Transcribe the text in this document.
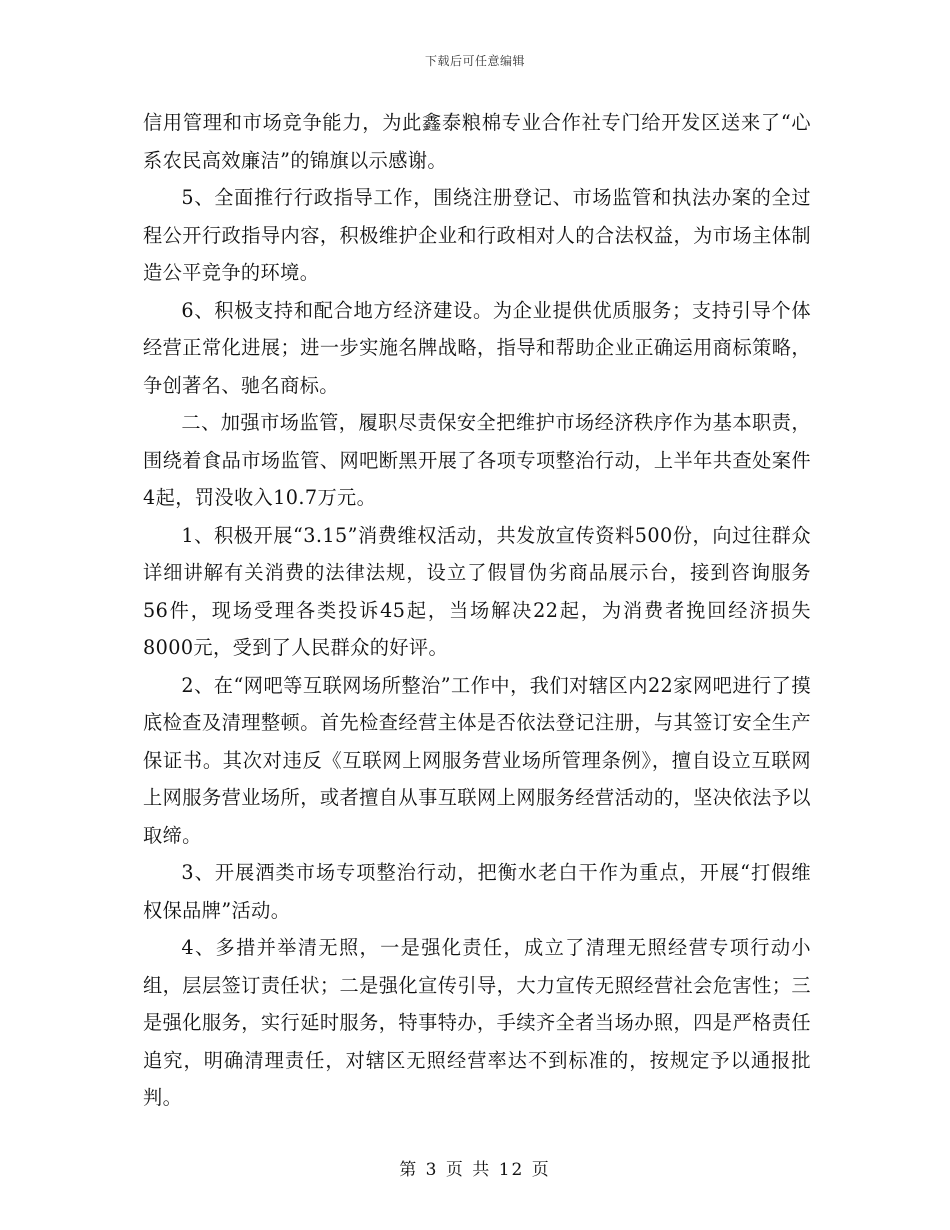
下载后可任意编辑

信用管理和市场竞争能力，为此鑫泰粮棉专业合作社专门给开发区送来了“心系农民高效廉洁”的锦旗以示感谢。

5、全面推行行政指导工作，围绕注册登记、市场监管和执法办案的全过程公开行政指导内容，积极维护企业和行政相对人的合法权益，为市场主体制造公平竞争的环境。

6、积极支持和配合地方经济建设。为企业提供优质服务；支持引导个体经营正常化进展；进一步实施名牌战略，指导和帮助企业正确运用商标策略，争创著名、驰名商标。

二、加强市场监管，履职尽责保安全把维护市场经济秩序作为基本职责，围绕着食品市场监管、网吧断黑开展了各项专项整治行动，上半年共查处案件4起，罚没收入10.7万元。

1、积极开展“3.15”消费维权活动，共发放宣传资料500份，向过往群众详细讲解有关消费的法律法规，设立了假冒伪劣商品展示台，接到咨询服务56件，现场受理各类投诉45起，当场解决22起，为消费者挽回经济损失8000元，受到了人民群众的好评。

2、在“网吧等互联网场所整治”工作中，我们对辖区内22家网吧进行了摸底检查及清理整顿。首先检查经营主体是否依法登记注册，与其签订安全生产保证书。其次对违反《互联网上网服务营业场所管理条例》，擅自设立互联网上网服务营业场所，或者擅自从事互联网上网服务经营活动的，坚决依法予以取缔。

3、开展酒类市场专项整治行动，把衡水老白干作为重点，开展“打假维权保品牌”活动。

4、多措并举清无照，一是强化责任，成立了清理无照经营专项行动小组，层层签订责任状；二是强化宣传引导，大力宣传无照经营社会危害性；三是强化服务，实行延时服务，特事特办，手续齐全者当场办照，四是严格责任追究，明确清理责任，对辖区无照经营率达不到标准的，按规定予以通报批判。

第 3 页 共 12 页
